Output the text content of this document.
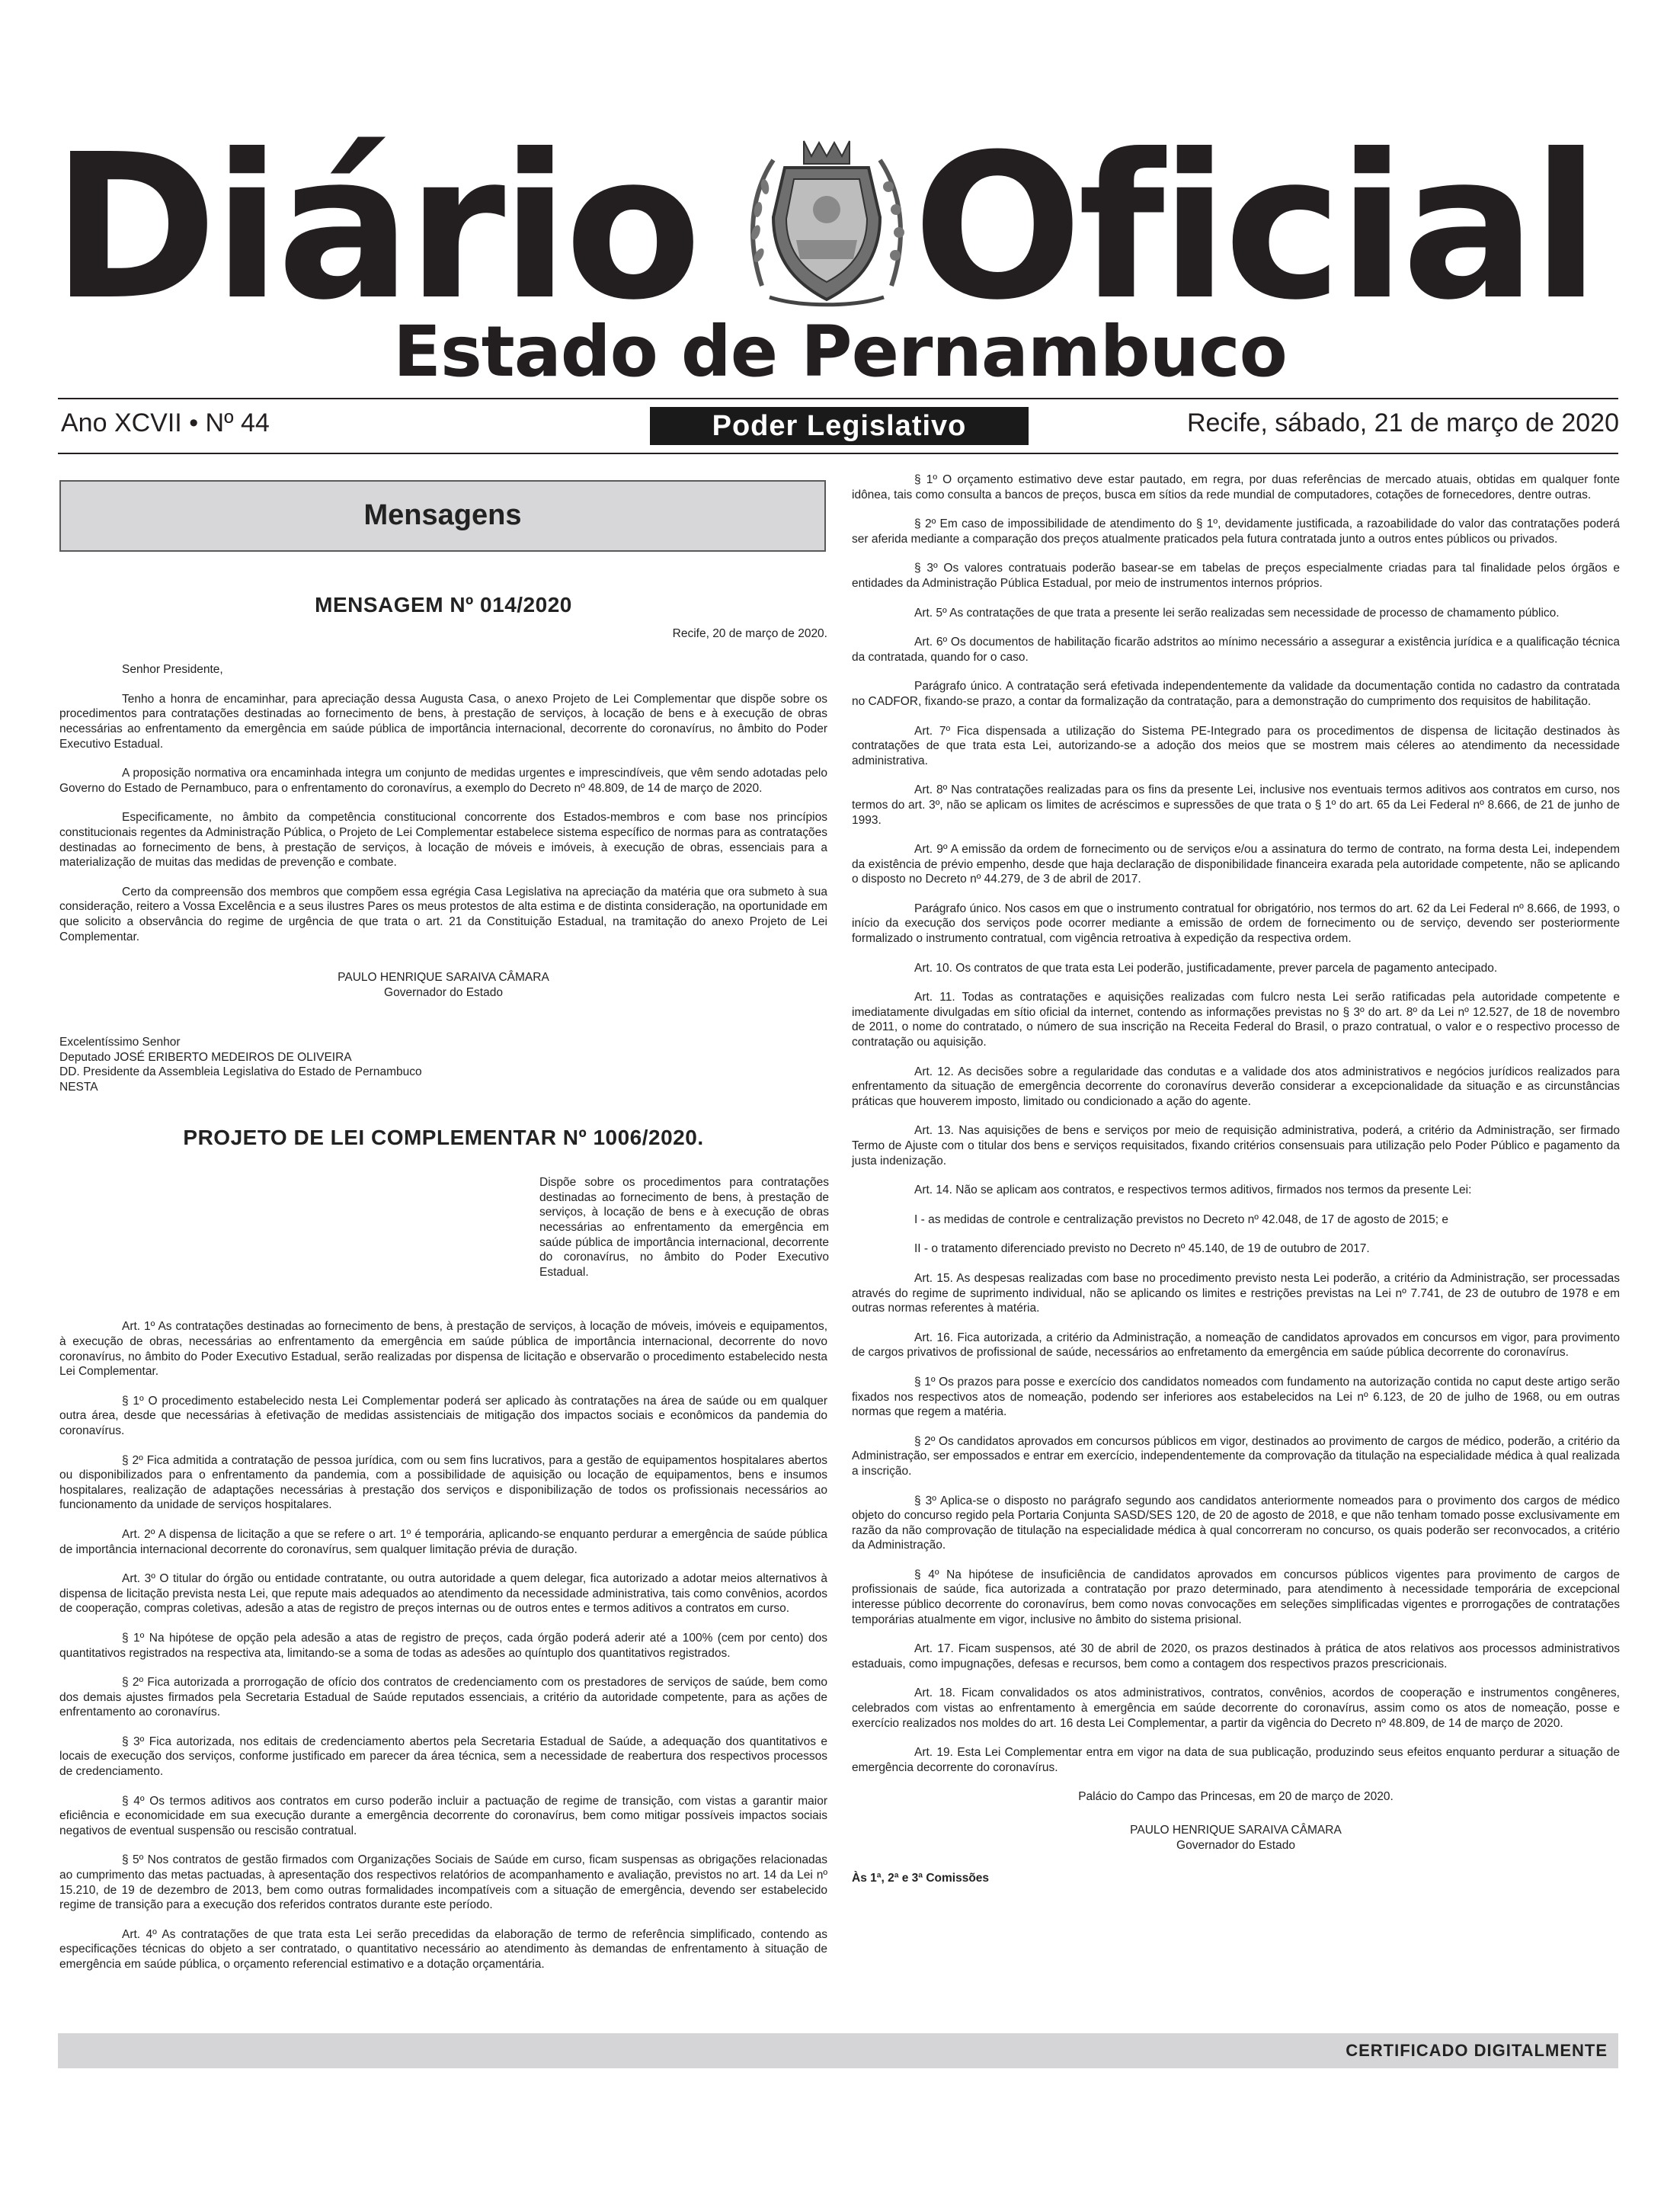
Diário Oficial
Estado de Pernambuco
Ano XCVII • Nº 44	Poder Legislativo	Recife, sábado, 21 de março de 2020
Mensagens
MENSAGEM Nº 014/2020
Recife, 20 de março de 2020.

Senhor Presidente,

Tenho a honra de encaminhar, para apreciação dessa Augusta Casa, o anexo Projeto de Lei Complementar que dispõe sobre os procedimentos para contratações destinadas ao fornecimento de bens, à prestação de serviços, à locação de bens e à execução de obras necessárias ao enfrentamento da emergência em saúde pública de importância internacional, decorrente do coronavírus, no âmbito do Poder Executivo Estadual.

A proposição normativa ora encaminhada integra um conjunto de medidas urgentes e imprescindíveis, que vêm sendo adotadas pelo Governo do Estado de Pernambuco, para o enfrentamento do coronavírus, a exemplo do Decreto nº 48.809, de 14 de março de 2020.

Especificamente, no âmbito da competência constitucional concorrente dos Estados-membros e com base nos princípios constitucionais regentes da Administração Pública, o Projeto de Lei Complementar estabelece sistema específico de normas para as contratações destinadas ao fornecimento de bens, à prestação de serviços, à locação de móveis e imóveis, à execução de obras, essenciais para a materialização de muitas das medidas de prevenção e combate.

Certo da compreensão dos membros que compõem essa egrégia Casa Legislativa na apreciação da matéria que ora submeto à sua consideração, reitero a Vossa Excelência e a seus ilustres Pares os meus protestos de alta estima e de distinta consideração, na oportunidade em que solicito a observância do regime de urgência de que trata o art. 21 da Constituição Estadual, na tramitação do anexo Projeto de Lei Complementar.

PAULO HENRIQUE SARAIVA CÂMARA
Governador do Estado
Excelentíssimo Senhor
Deputado JOSÉ ERIBERTO MEDEIROS DE OLIVEIRA
DD. Presidente da Assembleia Legislativa do Estado de Pernambuco
NESTA
PROJETO DE LEI COMPLEMENTAR Nº 1006/2020.
Dispõe sobre os procedimentos para contratações destinadas ao fornecimento de bens, à prestação de serviços, à locação de bens e à execução de obras necessárias ao enfrentamento da emergência em saúde pública de importância internacional, decorrente do coronavírus, no âmbito do Poder Executivo Estadual.

Art. 1º As contratações destinadas ao fornecimento de bens, à prestação de serviços, à locação de móveis, imóveis e equipamentos, à execução de obras, necessárias ao enfrentamento da emergência em saúde pública de importância internacional, decorrente do novo coronavírus, no âmbito do Poder Executivo Estadual, serão realizadas por dispensa de licitação e observarão o procedimento estabelecido nesta Lei Complementar.

§ 1º O procedimento estabelecido nesta Lei Complementar poderá ser aplicado às contratações na área de saúde ou em qualquer outra área, desde que necessárias à efetivação de medidas assistenciais de mitigação dos impactos sociais e econômicos da pandemia do coronavírus.

§ 2º Fica admitida a contratação de pessoa jurídica, com ou sem fins lucrativos, para a gestão de equipamentos hospitalares abertos ou disponibilizados para o enfrentamento da pandemia, com a possibilidade de aquisição ou locação de equipamentos, bens e insumos hospitalares, realização de adaptações necessárias à prestação dos serviços e disponibilização de todos os profissionais necessários ao funcionamento da unidade de serviços hospitalares.

Art. 2º A dispensa de licitação a que se refere o art. 1º é temporária, aplicando-se enquanto perdurar a emergência de saúde pública de importância internacional decorrente do coronavírus, sem qualquer limitação prévia de duração.

Art. 3º O titular do órgão ou entidade contratante, ou outra autoridade a quem delegar, fica autorizado a adotar meios alternativos à dispensa de licitação prevista nesta Lei, que repute mais adequados ao atendimento da necessidade administrativa, tais como convênios, acordos de cooperação, compras coletivas, adesão a atas de registro de preços internas ou de outros entes e termos aditivos a contratos em curso.

§ 1º Na hipótese de opção pela adesão a atas de registro de preços, cada órgão poderá aderir até a 100% (cem por cento) dos quantitativos registrados na respectiva ata, limitando-se a soma de todas as adesões ao quíntuplo dos quantitativos registrados.

§ 2º Fica autorizada a prorrogação de ofício dos contratos de credenciamento com os prestadores de serviços de saúde, bem como dos demais ajustes firmados pela Secretaria Estadual de Saúde reputados essenciais, a critério da autoridade competente, para as ações de enfrentamento ao coronavírus.

§ 3º Fica autorizada, nos editais de credenciamento abertos pela Secretaria Estadual de Saúde, a adequação dos quantitativos e locais de execução dos serviços, conforme justificado em parecer da área técnica, sem a necessidade de reabertura dos respectivos processos de credenciamento.

§ 4º Os termos aditivos aos contratos em curso poderão incluir a pactuação de regime de transição, com vistas a garantir maior eficiência e economicidade em sua execução durante a emergência decorrente do coronavírus, bem como mitigar possíveis impactos sociais negativos de eventual suspensão ou rescisão contratual.

§ 5º Nos contratos de gestão firmados com Organizações Sociais de Saúde em curso, ficam suspensas as obrigações relacionadas ao cumprimento das metas pactuadas, à apresentação dos respectivos relatórios de acompanhamento e avaliação, previstos no art. 14 da Lei nº 15.210, de 19 de dezembro de 2013, bem como outras formalidades incompatíveis com a situação de emergência, devendo ser estabelecido regime de transição para a execução dos referidos contratos durante este período.

Art. 4º As contratações de que trata esta Lei serão precedidas da elaboração de termo de referência simplificado, contendo as especificações técnicas do objeto a ser contratado, o quantitativo necessário ao atendimento às demandas de enfrentamento à situação de emergência em saúde pública, o orçamento referencial estimativo e a dotação orçamentária.

§ 1º O orçamento estimativo deve estar pautado, em regra, por duas referências de mercado atuais, obtidas em qualquer fonte idônea, tais como consulta a bancos de preços, busca em sítios da rede mundial de computadores, cotações de fornecedores, dentre outras.

§ 2º Em caso de impossibilidade de atendimento do § 1º, devidamente justificada, a razoabilidade do valor das contratações poderá ser aferida mediante a comparação dos preços atualmente praticados pela futura contratada junto a outros entes públicos ou privados.

§ 3º Os valores contratuais poderão basear-se em tabelas de preços especialmente criadas para tal finalidade pelos órgãos e entidades da Administração Pública Estadual, por meio de instrumentos internos próprios.

Art. 5º As contratações de que trata a presente lei serão realizadas sem necessidade de processo de chamamento público.

Art. 6º Os documentos de habilitação ficarão adstritos ao mínimo necessário a assegurar a existência jurídica e a qualificação técnica da contratada, quando for o caso.

Parágrafo único. A contratação será efetivada independentemente da validade da documentação contida no cadastro da contratada no CADFOR, fixando-se prazo, a contar da formalização da contratação, para a demonstração do cumprimento dos requisitos de habilitação.

Art. 7º Fica dispensada a utilização do Sistema PE-Integrado para os procedimentos de dispensa de licitação destinados às contratações de que trata esta Lei, autorizando-se a adoção dos meios que se mostrem mais céleres ao atendimento da necessidade administrativa.

Art. 8º Nas contratações realizadas para os fins da presente Lei, inclusive nos eventuais termos aditivos aos contratos em curso, nos termos do art. 3º, não se aplicam os limites de acréscimos e supressões de que trata o § 1º do art. 65 da Lei Federal nº 8.666, de 21 de junho de 1993.

Art. 9º A emissão da ordem de fornecimento ou de serviços e/ou a assinatura do termo de contrato, na forma desta Lei, independem da existência de prévio empenho, desde que haja declaração de disponibilidade financeira exarada pela autoridade competente, não se aplicando o disposto no Decreto nº 44.279, de 3 de abril de 2017.

Parágrafo único. Nos casos em que o instrumento contratual for obrigatório, nos termos do art. 62 da Lei Federal nº 8.666, de 1993, o início da execução dos serviços pode ocorrer mediante a emissão de ordem de fornecimento ou de serviço, devendo ser posteriormente formalizado o instrumento contratual, com vigência retroativa à expedição da respectiva ordem.

Art. 10. Os contratos de que trata esta Lei poderão, justificadamente, prever parcela de pagamento antecipado.

Art. 11. Todas as contratações e aquisições realizadas com fulcro nesta Lei serão ratificadas pela autoridade competente e imediatamente divulgadas em sítio oficial da internet, contendo as informações previstas no § 3º do art. 8º da Lei nº 12.527, de 18 de novembro de 2011, o nome do contratado, o número de sua inscrição na Receita Federal do Brasil, o prazo contratual, o valor e o respectivo processo de contratação ou aquisição.

Art. 12. As decisões sobre a regularidade das condutas e a validade dos atos administrativos e negócios jurídicos realizados para enfrentamento da situação de emergência decorrente do coronavírus deverão considerar a excepcionalidade da situação e as circunstâncias práticas que houverem imposto, limitado ou condicionado a ação do agente.

Art. 13. Nas aquisições de bens e serviços por meio de requisição administrativa, poderá, a critério da Administração, ser firmado Termo de Ajuste com o titular dos bens e serviços requisitados, fixando critérios consensuais para utilização pelo Poder Público e pagamento da justa indenização.

Art. 14. Não se aplicam aos contratos, e respectivos termos aditivos, firmados nos termos da presente Lei:

I - as medidas de controle e centralização previstos no Decreto nº 42.048, de 17 de agosto de 2015; e

II - o tratamento diferenciado previsto no Decreto nº 45.140, de 19 de outubro de 2017.

Art. 15. As despesas realizadas com base no procedimento previsto nesta Lei poderão, a critério da Administração, ser processadas através do regime de suprimento individual, não se aplicando os limites e restrições previstas na Lei nº 7.741, de 23 de outubro de 1978 e em outras normas referentes à matéria.

Art. 16. Fica autorizada, a critério da Administração, a nomeação de candidatos aprovados em concursos em vigor, para provimento de cargos privativos de profissional de saúde, necessários ao enfretamento da emergência em saúde pública decorrente do coronavírus.

§ 1º Os prazos para posse e exercício dos candidatos nomeados com fundamento na autorização contida no caput deste artigo serão fixados nos respectivos atos de nomeação, podendo ser inferiores aos estabelecidos na Lei nº 6.123, de 20 de julho de 1968, ou em outras normas que regem a matéria.

§ 2º Os candidatos aprovados em concursos públicos em vigor, destinados ao provimento de cargos de médico, poderão, a critério da Administração, ser empossados e entrar em exercício, independentemente da comprovação da titulação na especialidade médica à qual realizada a inscrição.

§ 3º Aplica-se o disposto no parágrafo segundo aos candidatos anteriormente nomeados para o provimento dos cargos de médico objeto do concurso regido pela Portaria Conjunta SASD/SES 120, de 20 de agosto de 2018, e que não tenham tomado posse exclusivamente em razão da não comprovação de titulação na especialidade médica à qual concorreram no concurso, os quais poderão ser reconvocados, a critério da Administração.

§ 4º Na hipótese de insuficiência de candidatos aprovados em concursos públicos vigentes para provimento de cargos de profissionais de saúde, fica autorizada a contratação por prazo determinado, para atendimento à necessidade temporária de excepcional interesse público decorrente do coronavírus, bem como novas convocações em seleções simplificadas vigentes e prorrogações de contratações temporárias atualmente em vigor, inclusive no âmbito do sistema prisional.

Art. 17. Ficam suspensos, até 30 de abril de 2020, os prazos destinados à prática de atos relativos aos processos administrativos estaduais, como impugnações, defesas e recursos, bem como a contagem dos respectivos prazos prescricionais.

Art. 18. Ficam convalidados os atos administrativos, contratos, convênios, acordos de cooperação e instrumentos congêneres, celebrados com vistas ao enfrentamento à emergência em saúde decorrente do coronavírus, assim como os atos de nomeação, posse e exercício realizados nos moldes do art. 16 desta Lei Complementar, a partir da vigência do Decreto nº 48.809, de 14 de março de 2020.

Art. 19. Esta Lei Complementar entra em vigor na data de sua publicação, produzindo seus efeitos enquanto perdurar a situação de emergência decorrente do coronavírus.

Palácio do Campo das Princesas, em 20 de março de 2020.
PAULO HENRIQUE SARAIVA CÂMARA
Governador do Estado
Às 1ª, 2ª e 3ª Comissões
CERTIFICADO DIGITALMENTE
